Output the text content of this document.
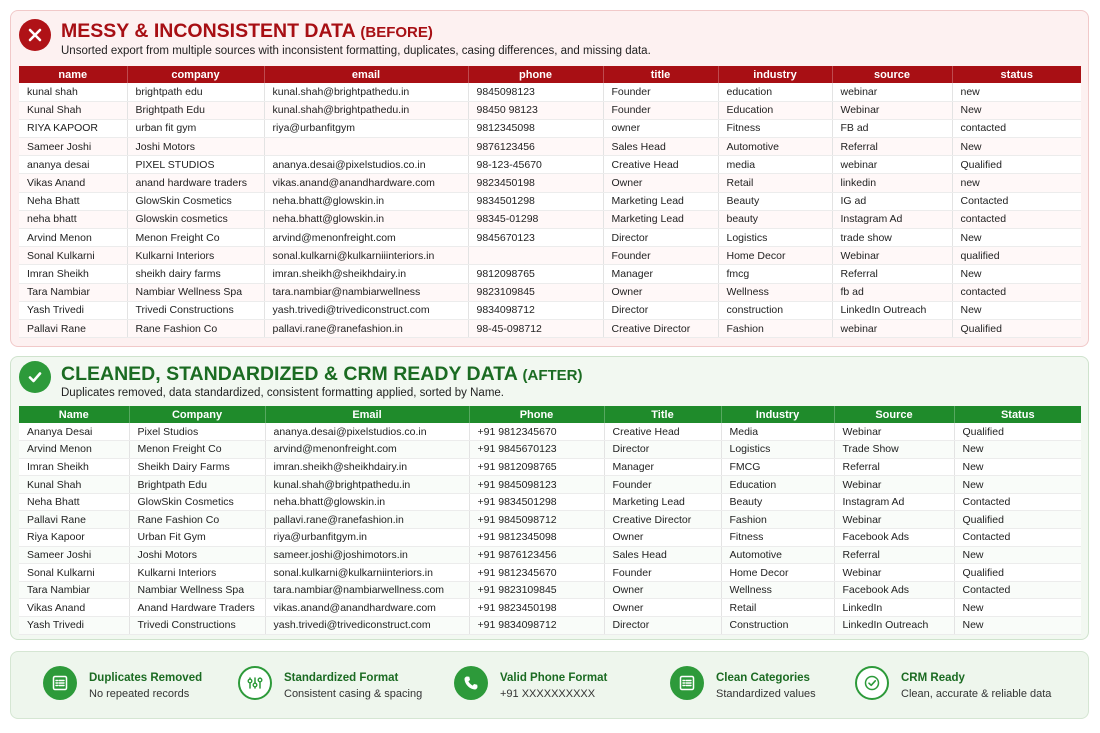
MESSY & INCONSISTENT DATA (BEFORE)
Unsorted export from multiple sources with inconsistent formatting, duplicates, casing differences, and missing data.
name	company	email	phone	title	industry	source	status
kunal shah	brightpath edu	kunal.shah@brightpathedu.in	9845098123	Founder	education	webinar	new
Kunal Shah	Brightpath Edu	kunal.shah@brightpathedu.in	98450 98123	Founder	Education	Webinar	New
RIYA KAPOOR	urban fit gym	riya@urbanfitgym	9812345098	owner	Fitness	FB ad	contacted
Sameer Joshi	Joshi Motors		9876123456	Sales Head	Automotive	Referral	New
ananya desai	PIXEL STUDIOS	ananya.desai@pixelstudios.co.in	98-123-45670	Creative Head	media	webinar	Qualified
Vikas Anand	anand hardware traders	vikas.anand@anandhardware.com	9823450198	Owner	Retail	linkedin	new
Neha Bhatt	GlowSkin Cosmetics	neha.bhatt@glowskin.in	9834501298	Marketing Lead	Beauty	IG ad	Contacted
neha bhatt	Glowskin cosmetics	neha.bhatt@glowskin.in	98345-01298	Marketing Lead	beauty	Instagram Ad	contacted
Arvind Menon	Menon Freight Co	arvind@menonfreight.com	9845670123	Director	Logistics	trade show	New
Sonal Kulkarni	Kulkarni Interiors	sonal.kulkarni@kulkarniiinteriors.in		Founder	Home Decor	Webinar	qualified
Imran Sheikh	sheikh dairy farms	imran.sheikh@sheikhdairy.in	9812098765	Manager	fmcg	Referral	New
Tara Nambiar	Nambiar Wellness Spa	tara.nambiar@nambiarwellness	9823109845	Owner	Wellness	fb ad	contacted
Yash Trivedi	Trivedi Constructions	yash.trivedi@trivediconstruct.com	9834098712	Director	construction	LinkedIn Outreach	New
Pallavi Rane	Rane Fashion Co	pallavi.rane@ranefashion.in	98-45-098712	Creative Director	Fashion	webinar	Qualified
CLEANED, STANDARDIZED & CRM READY DATA (AFTER)
Duplicates removed, data standardized, consistent formatting applied, sorted by Name.
Name	Company	Email	Phone	Title	Industry	Source	Status
Ananya Desai	Pixel Studios	ananya.desai@pixelstudios.co.in	+91 9812345670	Creative Head	Media	Webinar	Qualified
Arvind Menon	Menon Freight Co	arvind@menonfreight.com	+91 9845670123	Director	Logistics	Trade Show	New
Imran Sheikh	Sheikh Dairy Farms	imran.sheikh@sheikhdairy.in	+91 9812098765	Manager	FMCG	Referral	New
Kunal Shah	Brightpath Edu	kunal.shah@brightpathedu.in	+91 9845098123	Founder	Education	Webinar	New
Neha Bhatt	GlowSkin Cosmetics	neha.bhatt@glowskin.in	+91 9834501298	Marketing Lead	Beauty	Instagram Ad	Contacted
Pallavi Rane	Rane Fashion Co	pallavi.rane@ranefashion.in	+91 9845098712	Creative Director	Fashion	Webinar	Qualified
Riya Kapoor	Urban Fit Gym	riya@urbanfitgym.in	+91 9812345098	Owner	Fitness	Facebook Ads	Contacted
Sameer Joshi	Joshi Motors	sameer.joshi@joshimotors.in	+91 9876123456	Sales Head	Automotive	Referral	New
Sonal Kulkarni	Kulkarni Interiors	sonal.kulkarni@kulkarniinteriors.in	+91 9812345670	Founder	Home Decor	Webinar	Qualified
Tara Nambiar	Nambiar Wellness Spa	tara.nambiar@nambiarwellness.com	+91 9823109845	Owner	Wellness	Facebook Ads	Contacted
Vikas Anand	Anand Hardware Traders	vikas.anand@anandhardware.com	+91 9823450198	Owner	Retail	LinkedIn	New
Yash Trivedi	Trivedi Constructions	yash.trivedi@trivediconstruct.com	+91 9834098712	Director	Construction	LinkedIn Outreach	New
Duplicates Removed
No repeated records
Standardized Format
Consistent casing & spacing
Valid Phone Format
+91 XXXXXXXXXX
Clean Categories
Standardized values
CRM Ready
Clean, accurate & reliable data
